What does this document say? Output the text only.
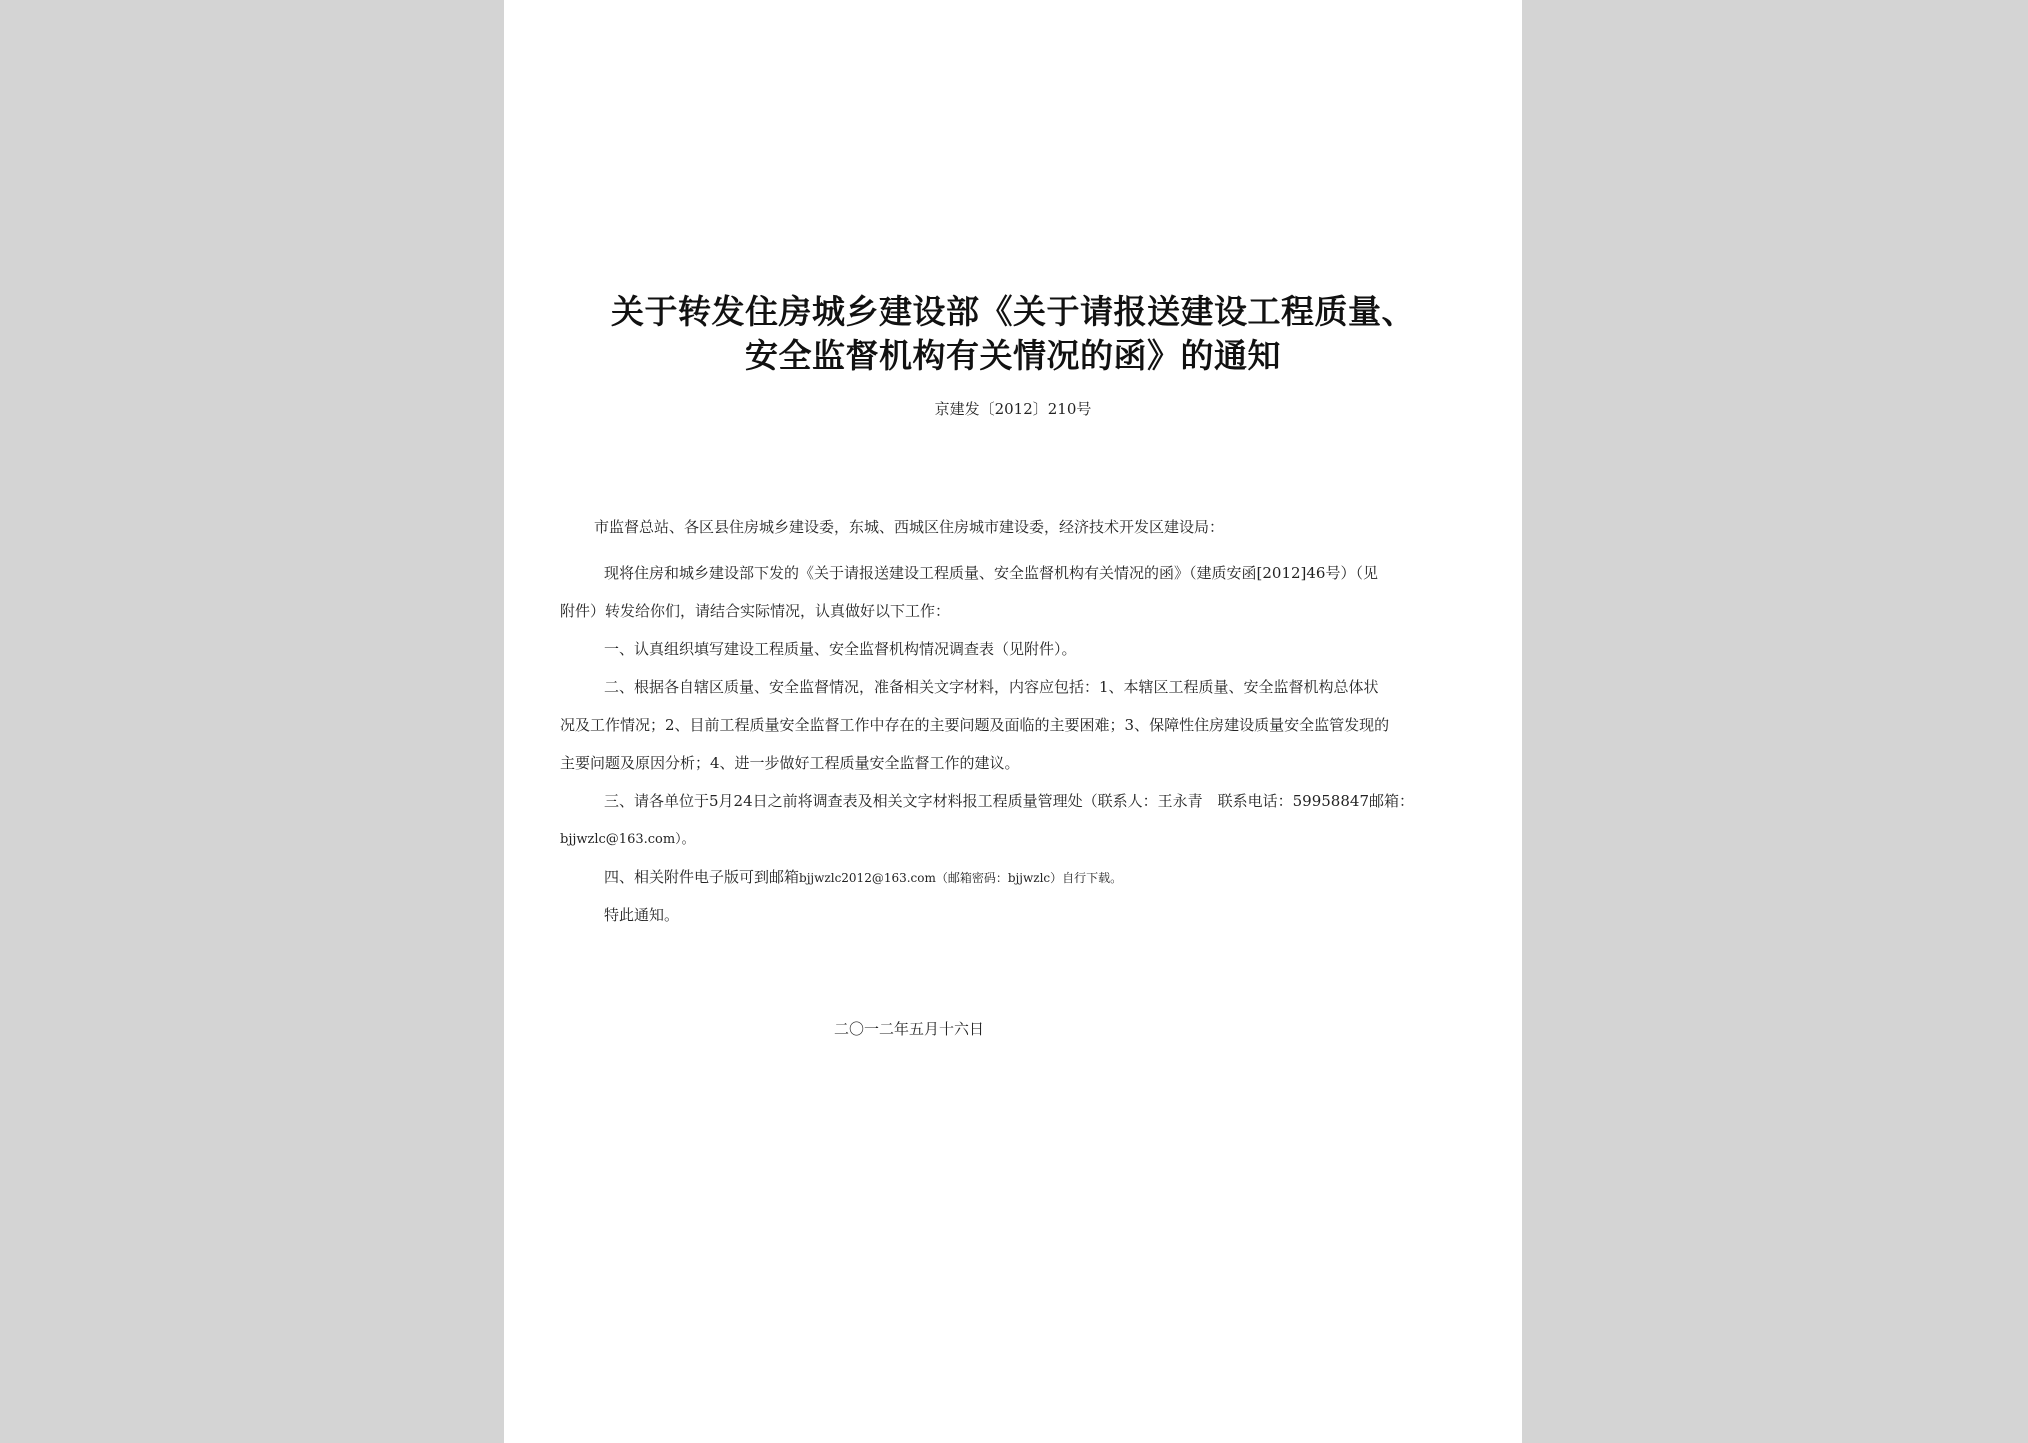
关于转发住房城乡建设部《关于请报送建设工程质量、
安全监督机构有关情况的函》的通知
京建发〔2012〕210号
市监督总站、各区县住房城乡建设委，东城、西城区住房城市建设委，经济技术开发区建设局：
现将住房和城乡建设部下发的《关于请报送建设工程质量、安全监督机构有关情况的函》（建质安函[2012]46号）（见
附件）转发给你们，请结合实际情况，认真做好以下工作：
一、认真组织填写建设工程质量、安全监督机构情况调查表（见附件）。
二、根据各自辖区质量、安全监督情况，准备相关文字材料，内容应包括：1、本辖区工程质量、安全监督机构总体状
况及工作情况；2、目前工程质量安全监督工作中存在的主要问题及面临的主要困难；3、保障性住房建设质量安全监管发现的
主要问题及原因分析；4、进一步做好工程质量安全监督工作的建议。
三、请各单位于5月24日之前将调查表及相关文字材料报工程质量管理处（联系人：王永青　联系电话：59958847邮箱：
bjjwzlc@163.com）。
四、相关附件电子版可到邮箱bjjwzlc2012@163.com（邮箱密码：bjjwzlc）自行下载。
特此通知。
二〇一二年五月十六日
